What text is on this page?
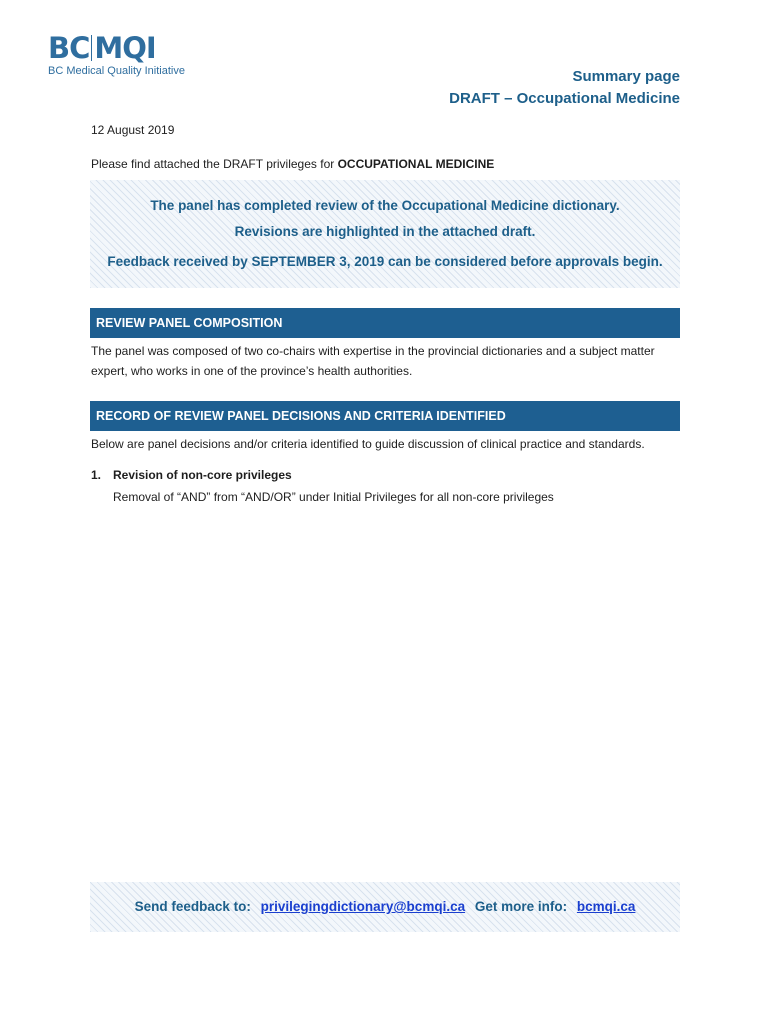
BC MQI
BC Medical Quality Initiative	Summary page
DRAFT – Occupational Medicine
12 August 2019
Please find attached the DRAFT privileges for OCCUPATIONAL MEDICINE
The panel has completed review of the Occupational Medicine dictionary.
Revisions are highlighted in the attached draft.
Feedback received by SEPTEMBER 3, 2019 can be considered before approvals begin.
REVIEW PANEL COMPOSITION
The panel was composed of two co-chairs with expertise in the provincial dictionaries and a subject matter expert, who works in one of the province’s health authorities.
RECORD OF REVIEW PANEL DECISIONS AND CRITERIA IDENTIFIED
Below are panel decisions and/or criteria identified to guide discussion of clinical practice and standards.
1. Revision of non-core privileges
Removal of “AND” from “AND/OR” under Initial Privileges for all non-core privileges
Send feedback to: privilegingdictionary@bcmqi.ca Get more info: bcmqi.ca
